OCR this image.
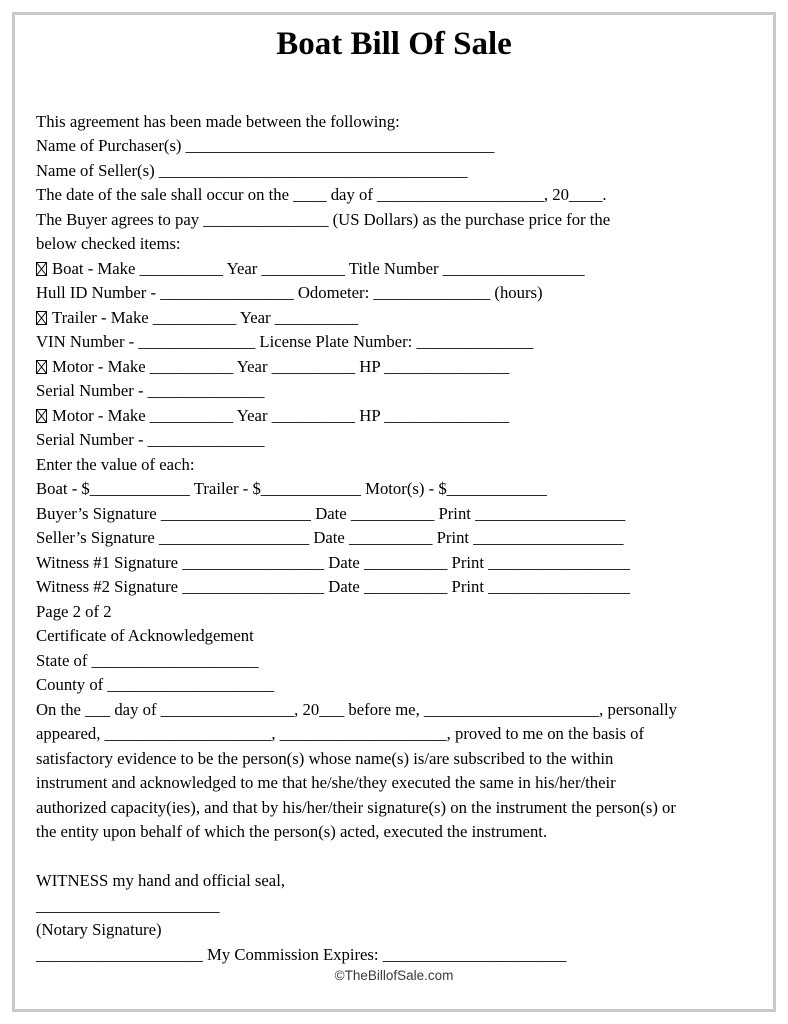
Boat Bill Of Sale

This agreement has been made between the following:

Name of Purchaser(s) _____________________________________

Name of Seller(s) _____________________________________

The date of the sale shall occur on the ____ day of ____________________, 20____.

The Buyer agrees to pay _______________ (US Dollars) as the purchase price for the

below checked items:

Boat - Make __________ Year __________ Title Number _________________

Hull ID Number - ________________ Odometer: ______________ (hours)

Trailer - Make __________ Year __________

VIN Number - ______________ License Plate Number: ______________

Motor - Make __________ Year __________ HP _______________

Serial Number - ______________

Motor - Make __________ Year __________ HP _______________

Serial Number - ______________

Enter the value of each:

Boat - $____________ Trailer - $____________ Motor(s) - $____________

Buyer’s Signature __________________ Date __________ Print __________________

Seller’s Signature __________________ Date __________ Print __________________

Witness #1 Signature _________________ Date __________ Print _________________

Witness #2 Signature _________________ Date __________ Print _________________

Page 2 of 2

Certificate of Acknowledgement

State of ____________________

County of ____________________

On the ___ day of ________________, 20___ before me, _____________________, personally

appeared, ____________________, ____________________, proved to me on the basis of

satisfactory evidence to be the person(s) whose name(s) is/are subscribed to the within

instrument and acknowledged to me that he/she/they executed the same in his/her/their

authorized capacity(ies), and that by his/her/their signature(s) on the instrument the person(s) or

the entity upon behalf of which the person(s) acted, executed the instrument.

WITNESS my hand and official seal,

______________________

(Notary Signature)

____________________ My Commission Expires: ______________________

©TheBillofSale.com
